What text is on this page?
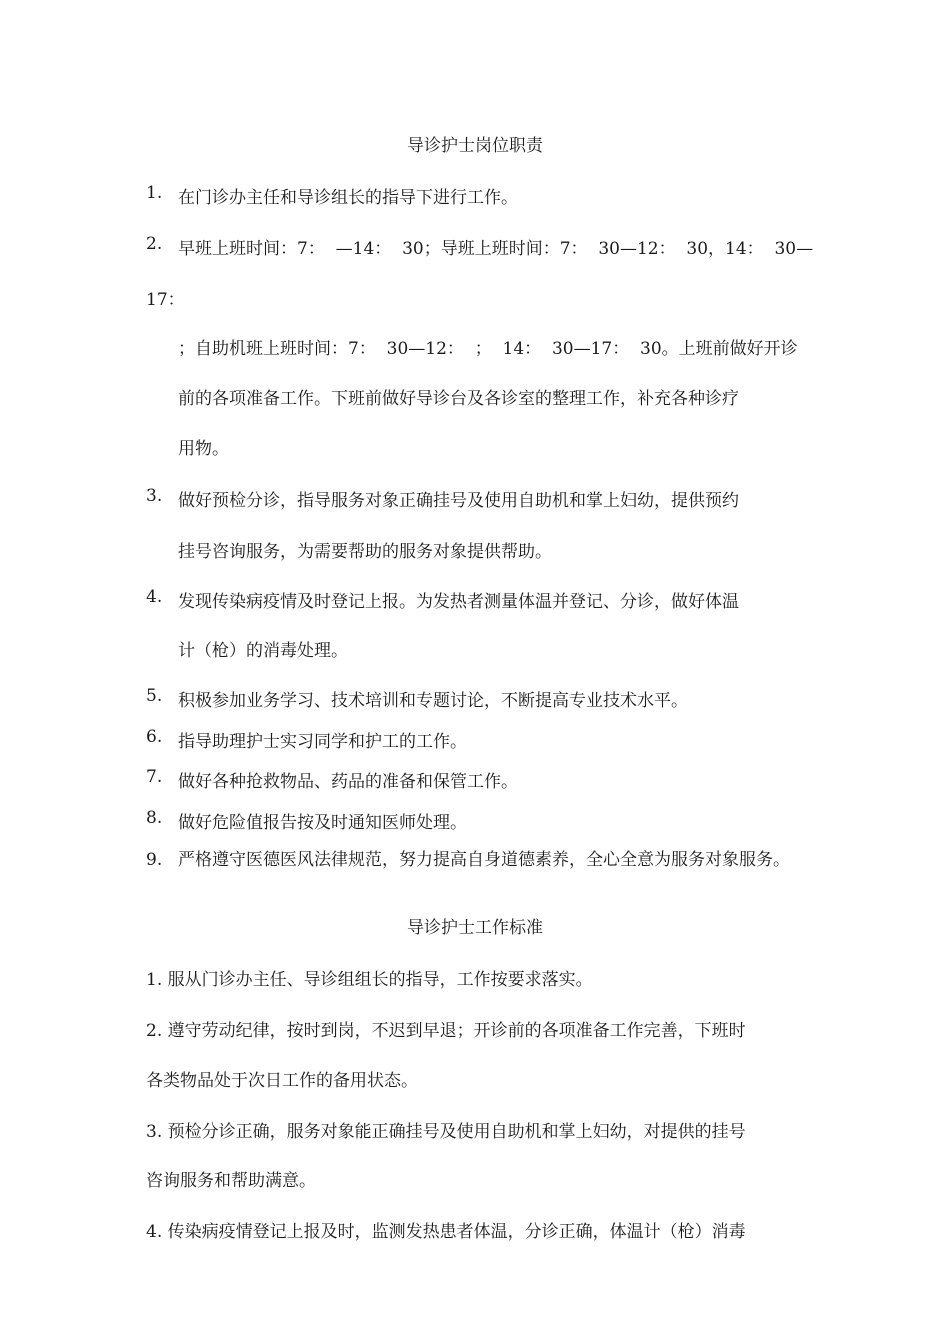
导诊护士岗位职责
1. 在门诊办主任和导诊组长的指导下进行工作。
2. 早班上班时间：7：  —14：  30；导班上班时间：7：  30—12：  30，14：  30—
17：
；自助机班上班时间：7：  30—12：  ；  14：  30—17：  30。上班前做好开诊
前的各项准备工作。下班前做好导诊台及各诊室的整理工作，补充各种诊疗
用物。
3. 做好预检分诊，指导服务对象正确挂号及使用自助机和掌上妇幼，提供预约
挂号咨询服务，为需要帮助的服务对象提供帮助。
4. 发现传染病疫情及时登记上报。为发热者测量体温并登记、分诊，做好体温
计（枪）的消毒处理。
5. 积极参加业务学习、技术培训和专题讨论，不断提高专业技术水平。
6. 指导助理护士实习同学和护工的工作。
7. 做好各种抢救物品、药品的准备和保管工作。
8. 做好危险值报告按及时通知医师处理。
9. 严格遵守医德医风法律规范，努力提高自身道德素养，全心全意为服务对象服务。
导诊护士工作标准
1. 服从门诊办主任、导诊组组长的指导，工作按要求落实。
2. 遵守劳动纪律，按时到岗，不迟到早退；开诊前的各项准备工作完善，下班时
各类物品处于次日工作的备用状态。
3. 预检分诊正确，服务对象能正确挂号及使用自助机和掌上妇幼，对提供的挂号
咨询服务和帮助满意。
4. 传染病疫情登记上报及时，监测发热患者体温，分诊正确，体温计（枪）消毒
